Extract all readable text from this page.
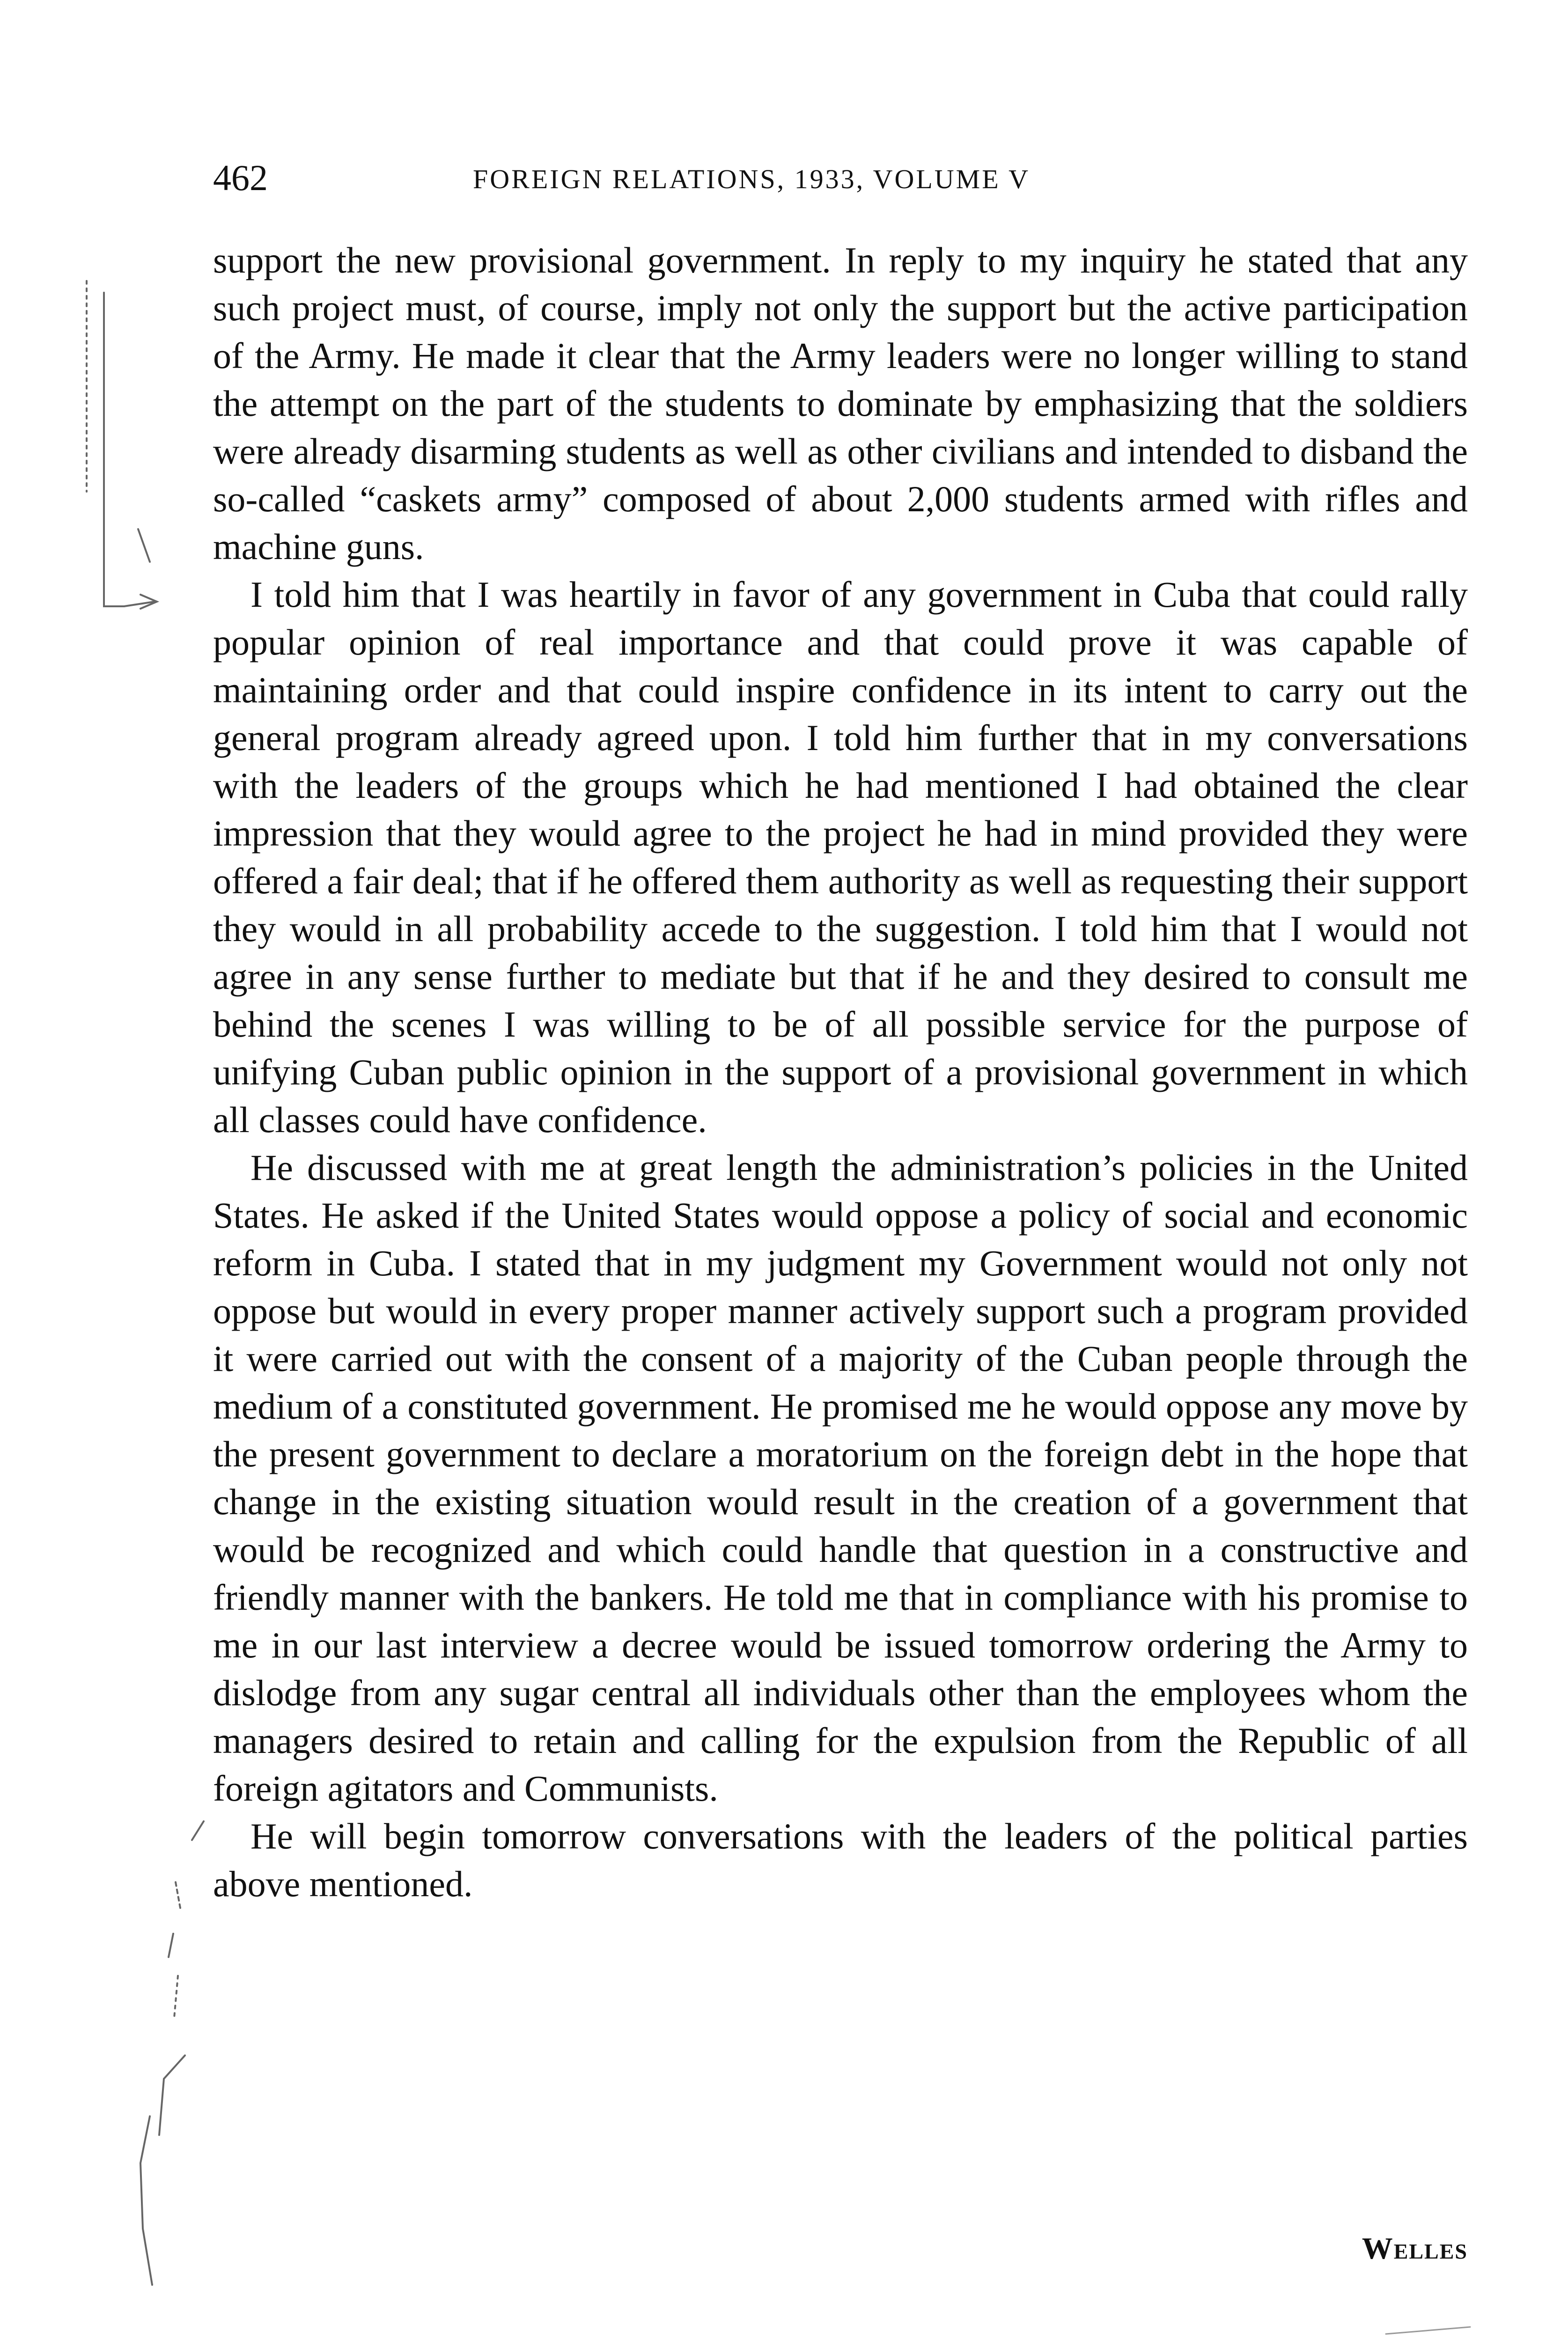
462	FOREIGN RELATIONS, 1933, VOLUME V

support the new provisional government. In reply to my inquiry he stated that any such project must, of course, imply not only the support but the active participation of the Army. He made it clear that the Army leaders were no longer willing to stand the attempt on the part of the students to dominate by emphasizing that the soldiers were already disarming students as well as other civilians and intended to disband the so-called “caskets army” composed of about 2,000 students armed with rifles and machine guns.

I told him that I was heartily in favor of any government in Cuba that could rally popular opinion of real importance and that could prove it was capable of maintaining order and that could inspire confidence in its intent to carry out the general program already agreed upon. I told him further that in my conversations with the leaders of the groups which he had mentioned I had obtained the clear impression that they would agree to the project he had in mind provided they were offered a fair deal; that if he offered them authority as well as requesting their support they would in all probability accede to the suggestion. I told him that I would not agree in any sense further to mediate but that if he and they desired to consult me behind the scenes I was willing to be of all possible service for the purpose of unifying Cuban public opinion in the support of a provisional government in which all classes could have confidence.

He discussed with me at great length the administration’s policies in the United States. He asked if the United States would oppose a policy of social and economic reform in Cuba. I stated that in my judgment my Government would not only not oppose but would in every proper manner actively support such a program provided it were carried out with the consent of a majority of the Cuban people through the medium of a constituted government. He promised me he would oppose any move by the present government to declare a moratorium on the foreign debt in the hope that change in the existing situation would result in the creation of a government that would be recognized and which could handle that question in a constructive and friendly manner with the bankers. He told me that in compliance with his promise to me in our last interview a decree would be issued tomorrow ordering the Army to dislodge from any sugar central all individuals other than the employees whom the managers desired to retain and calling for the expulsion from the Republic of all foreign agitators and Communists.

He will begin tomorrow conversations with the leaders of the political parties above mentioned.

Welles
